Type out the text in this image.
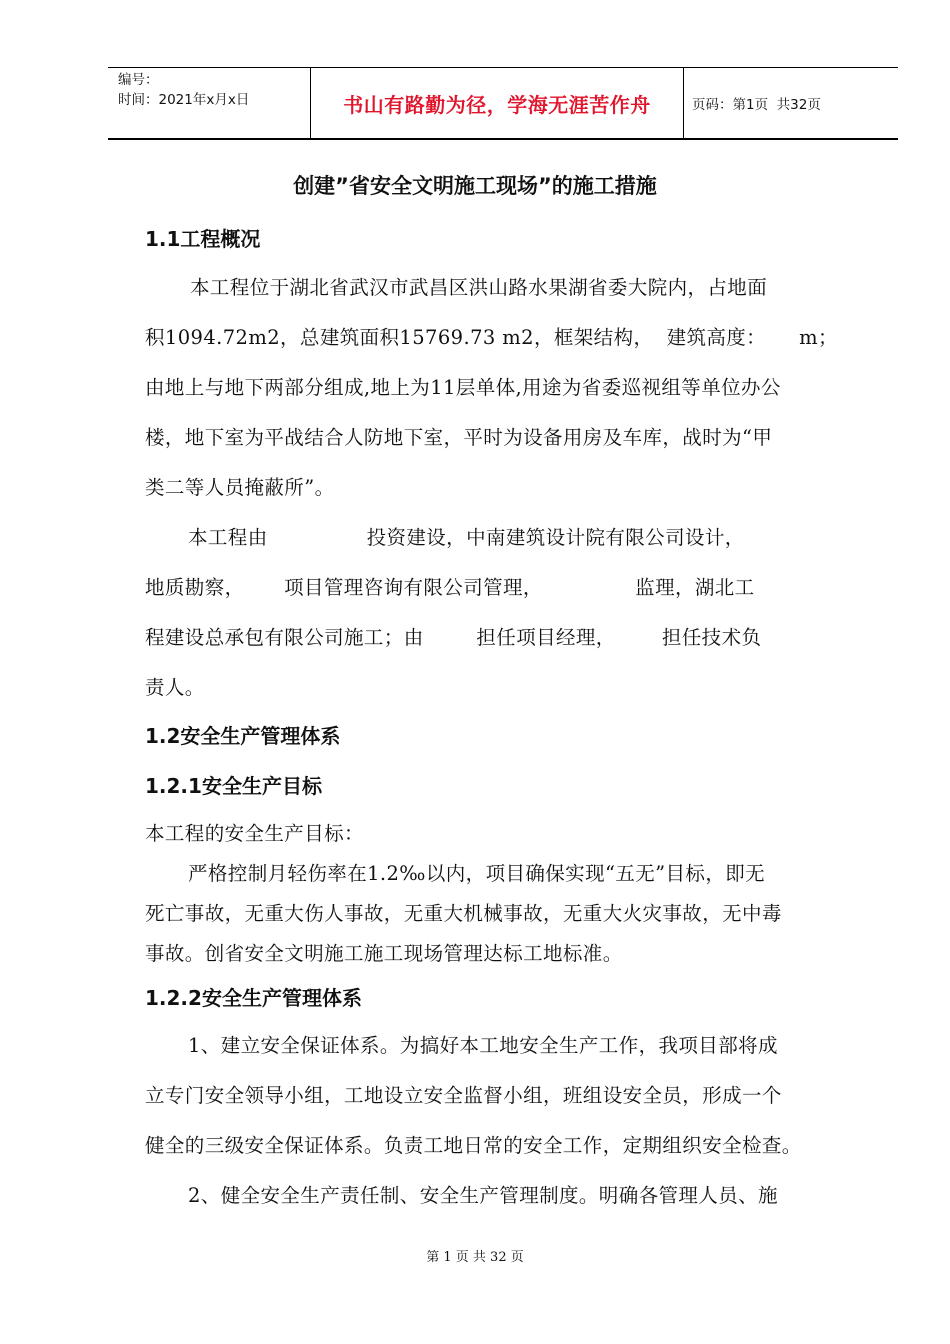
编号：
时间：2021年x月x日	书山有路勤为径，学海无涯苦作舟	页码：第1页  共32页
创建”省安全文明施工现场”的施工措施
1.1工程概况
本工程位于湖北省武汉市武昌区洪山路水果湖省委大院内，占地面
积1094.72m2，总建筑面积15769.73 m2，框架结构，  建筑高度：     m；
由地上与地下两部分组成,地上为11层单体,用途为省委巡视组等单位办公
楼，地下室为平战结合人防地下室，平时为设备用房及车库，战时为“甲
类二等人员掩蔽所”。
本工程由               投资建设，中南建筑设计院有限公司设计，
地质勘察，      项目管理咨询有限公司管理，              监理，湖北工
程建设总承包有限公司施工；由        担任项目经理，       担任技术负
责人。
1.2安全生产管理体系
1.2.1安全生产目标
本工程的安全生产目标：
严格控制月轻伤率在1.2‰以内，项目确保实现“五无”目标，即无
死亡事故，无重大伤人事故，无重大机械事故，无重大火灾事故，无中毒
事故。创省安全文明施工施工现场管理达标工地标准。
1.2.2安全生产管理体系
1、建立安全保证体系。为搞好本工地安全生产工作，我项目部将成
立专门安全领导小组，工地设立安全监督小组，班组设安全员，形成一个
健全的三级安全保证体系。负责工地日常的安全工作，定期组织安全检查。
2、健全安全生产责任制、安全生产管理制度。明确各管理人员、施
第 1 页 共 32 页
